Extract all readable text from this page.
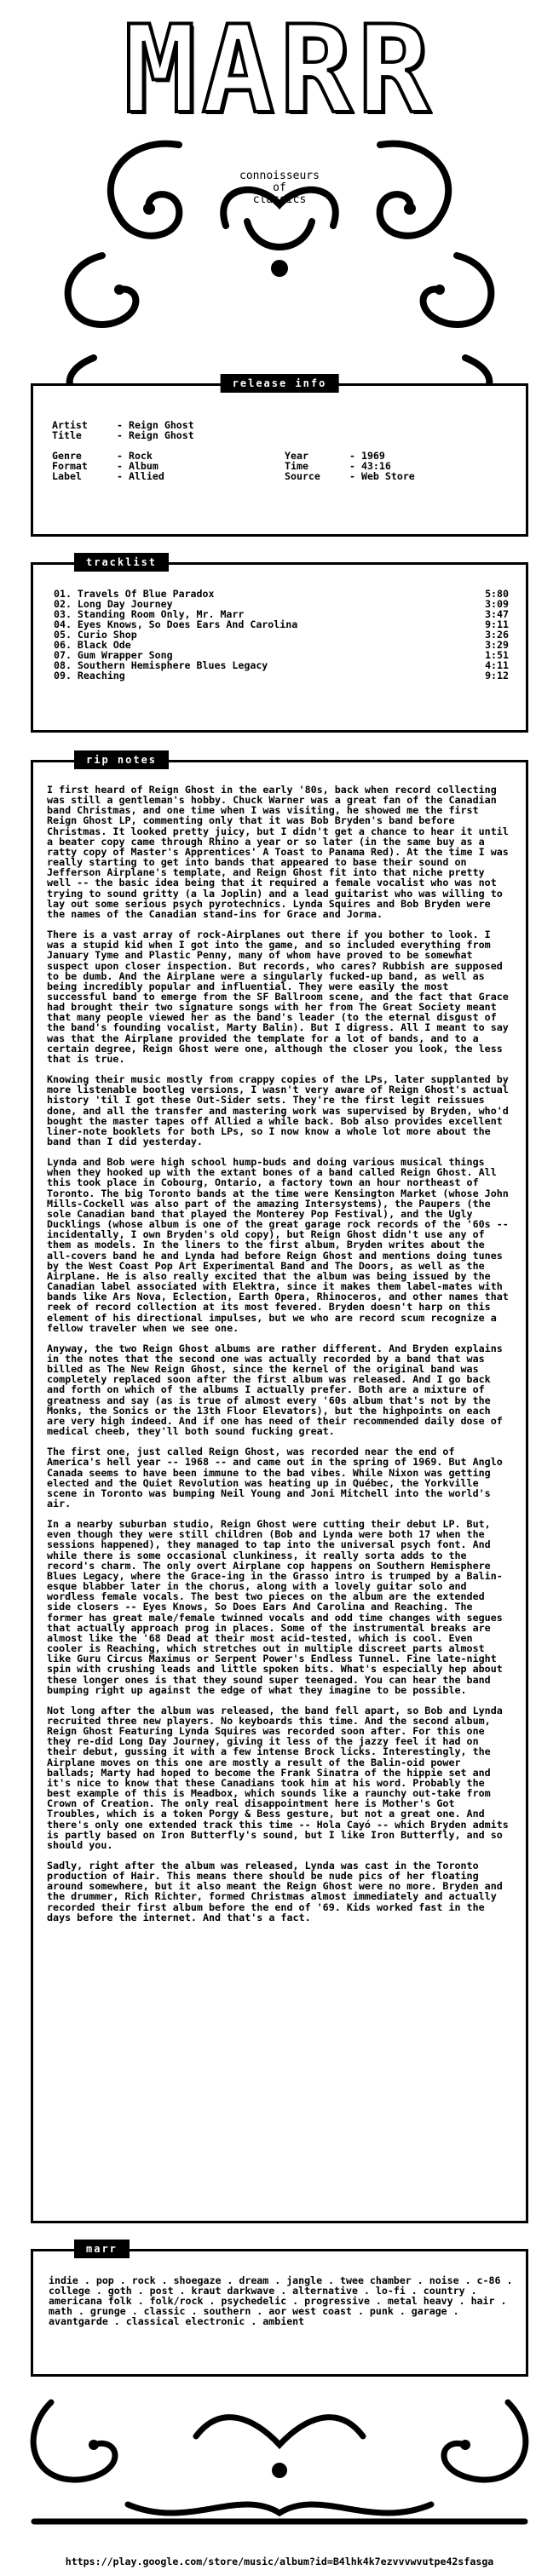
MARR
connoisseurs
of
classics
release info
Artist	- Reign Ghost
Title	- Reign Ghost
Genre	- Rock
Format	- Album
Label	- Allied
Year	- 1969
Time	- 43:16
Source	- Web Store
tracklist
01. Travels Of Blue Paradox	5:80
02. Long Day Journey	3:09
03. Standing Room Only, Mr. Marr	3:47
04. Eyes Knows, So Does Ears And Carolina	9:11
05. Curio Shop	3:26
06. Black Ode	3:29
07. Gum Wrapper Song	1:51
08. Southern Hemisphere Blues Legacy	4:11
09. Reaching	9:12
rip notes

I first heard of Reign Ghost in the early '80s, back when record collecting was still a gentleman's hobby. Chuck Warner was a great fan of the Canadian band Christmas, and one time when I was visiting, he showed me the first Reign Ghost LP, commenting only that it was Bob Bryden's band before Christmas. It looked pretty juicy, but I didn't get a chance to hear it until a beater copy came through Rhino a year or so later (in the same buy as a ratty copy of Master's Apprentices' A Toast to Panama Red). At the time I was really starting to get into bands that appeared to base their sound on Jefferson Airplane's template, and Reign Ghost fit into that niche pretty well -- the basic idea being that it required a female vocalist who was not trying to sound gritty (a la Joplin) and a lead guitarist who was willing to lay out some serious psych pyrotechnics. Lynda Squires and Bob Bryden were the names of the Canadian stand-ins for Grace and Jorma.

There is a vast array of rock-Airplanes out there if you bother to look. I was a stupid kid when I got into the game, and so included everything from January Tyme and Plastic Penny, many of whom have proved to be somewhat suspect upon closer inspection. But records, who cares? Rubbish are supposed to be dumb. And the Airplane were a singularly fucked-up band, as well as being incredibly popular and influential. They were easily the most successful band to emerge from the SF Ballroom scene, and the fact that Grace had brought their two signature songs with her from The Great Society meant that many people viewed her as the band's leader (to the eternal disgust of the band's founding vocalist, Marty Balin). But I digress. All I meant to say was that the Airplane provided the template for a lot of bands, and to a certain degree, Reign Ghost were one, although the closer you look, the less that is true.

Knowing their music mostly from crappy copies of the LPs, later supplanted by more listenable bootleg versions, I wasn't very aware of Reign Ghost's actual history 'til I got these Out-Sider sets. They're the first legit reissues done, and all the transfer and mastering work was supervised by Bryden, who'd bought the master tapes off Allied a while back. Bob also provides excellent liner-note booklets for both LPs, so I now know a whole lot more about the band than I did yesterday.

Lynda and Bob were high school hump-buds and doing various musical things when they hooked up with the extant bones of a band called Reign Ghost. All this took place in Cobourg, Ontario, a factory town an hour northeast of Toronto. The big Toronto bands at the time were Kensington Market (whose John Mills-Cockell was also part of the amazing Intersystems), the Paupers (the sole Canadian band that played the Monterey Pop Festival), and the Ugly Ducklings (whose album is one of the great garage rock records of the '60s -- incidentally, I own Bryden's old copy), but Reign Ghost didn't use any of them as models. In the liners to the first album, Bryden writes about the all-covers band he and Lynda had before Reign Ghost and mentions doing tunes by the West Coast Pop Art Experimental Band and The Doors, as well as the Airplane. He is also really excited that the album was being issued by the Canadian label associated with Elektra, since it makes them label-mates with bands like Ars Nova, Eclection, Earth Opera, Rhinoceros, and other names that reek of record collection at its most fevered. Bryden doesn't harp on this element of his directional impulses, but we who are record scum recognize a fellow traveler when we see one.

Anyway, the two Reign Ghost albums are rather different. And Bryden explains in the notes that the second one was actually recorded by a band that was billed as The New Reign Ghost, since the kernel of the original band was completely replaced soon after the first album was released. And I go back and forth on which of the albums I actually prefer. Both are a mixture of greatness and say (as is true of almost every '60s album that's not by the Monks, the Sonics or the 13th Floor Elevators), but the highpoints on each are very high indeed. And if one has need of their recommended daily dose of medical cheeb, they'll both sound fucking great.

The first one, just called Reign Ghost, was recorded near the end of America's hell year -- 1968 -- and came out in the spring of 1969. But Anglo Canada seems to have been immune to the bad vibes. While Nixon was getting elected and the Quiet Revolution was heating up in Québec, the Yorkville scene in Toronto was bumping Neil Young and Joni Mitchell into the world's air.

In a nearby suburban studio, Reign Ghost were cutting their debut LP. But, even though they were still children (Bob and Lynda were both 17 when the sessions happened), they managed to tap into the universal psych font. And while there is some occasional clunkiness, it really sorta adds to the record's charm. The only overt Airplane cop happens on Southern Hemisphere Blues Legacy, where the Grace-ing in the Grasso intro is trumped by a Balin-esque blabber later in the chorus, along with a lovely guitar solo and wordless female vocals. The best two pieces on the album are the extended side closers -- Eyes Knows, So Does Ears And Carolina and Reaching. The former has great male/female twinned vocals and odd time changes with segues that actually approach prog in places. Some of the instrumental breaks are almost like the '68 Dead at their most acid-tested, which is cool. Even cooler is Reaching, which stretches out in multiple discreet parts almost like Guru Circus Maximus or Serpent Power's Endless Tunnel. Fine late-night spin with crushing leads and little spoken bits. What's especially hep about these longer ones is that they sound super teenaged. You can hear the band bumping right up against the edge of what they imagine to be possible.

Not long after the album was released, the band fell apart, so Bob and Lynda recruited three new players. No keyboards this time. And the second album, Reign Ghost Featuring Lynda Squires was recorded soon after. For this one they re-did Long Day Journey, giving it less of the jazzy feel it had on their debut, gussing it with a few intense Brock licks. Interestingly, the Airplane moves on this one are mostly a result of the Balin-oid power ballads; Marty had hoped to become the Frank Sinatra of the hippie set and it's nice to know that these Canadians took him at his word. Probably the best example of this is Meadbox, which sounds like a raunchy out-take from Crown of Creation. The only real disappointment here is Mother's Got Troubles, which is a token Porgy & Bess gesture, but not a great one. And there's only one extended track this time -- Hola Cayó -- which Bryden admits is partly based on Iron Butterfly's sound, but I like Iron Butterfly, and so should you.

Sadly, right after the album was released, Lynda was cast in the Toronto production of Hair. This means there should be nude pics of her floating around somewhere, but it also meant the Reign Ghost were no more. Bryden and the drummer, Rich Richter, formed Christmas almost immediately and actually recorded their first album before the end of '69. Kids worked fast in the days before the internet. And that's a fact.

marr
indie . pop . rock . shoegaze . dream . jangle . twee chamber . noise . c-86 . college . goth . post . kraut darkwave . alternative . lo-fi . country . americana folk . folk/rock . psychedelic . progressive . metal heavy . hair . math . grunge . classic . southern . aor west coast . punk . garage . avantgarde . classical electronic . ambient
https://play.google.com/store/music/album?id=B4lhk4k7ezvvvwvutpe42sfasga
